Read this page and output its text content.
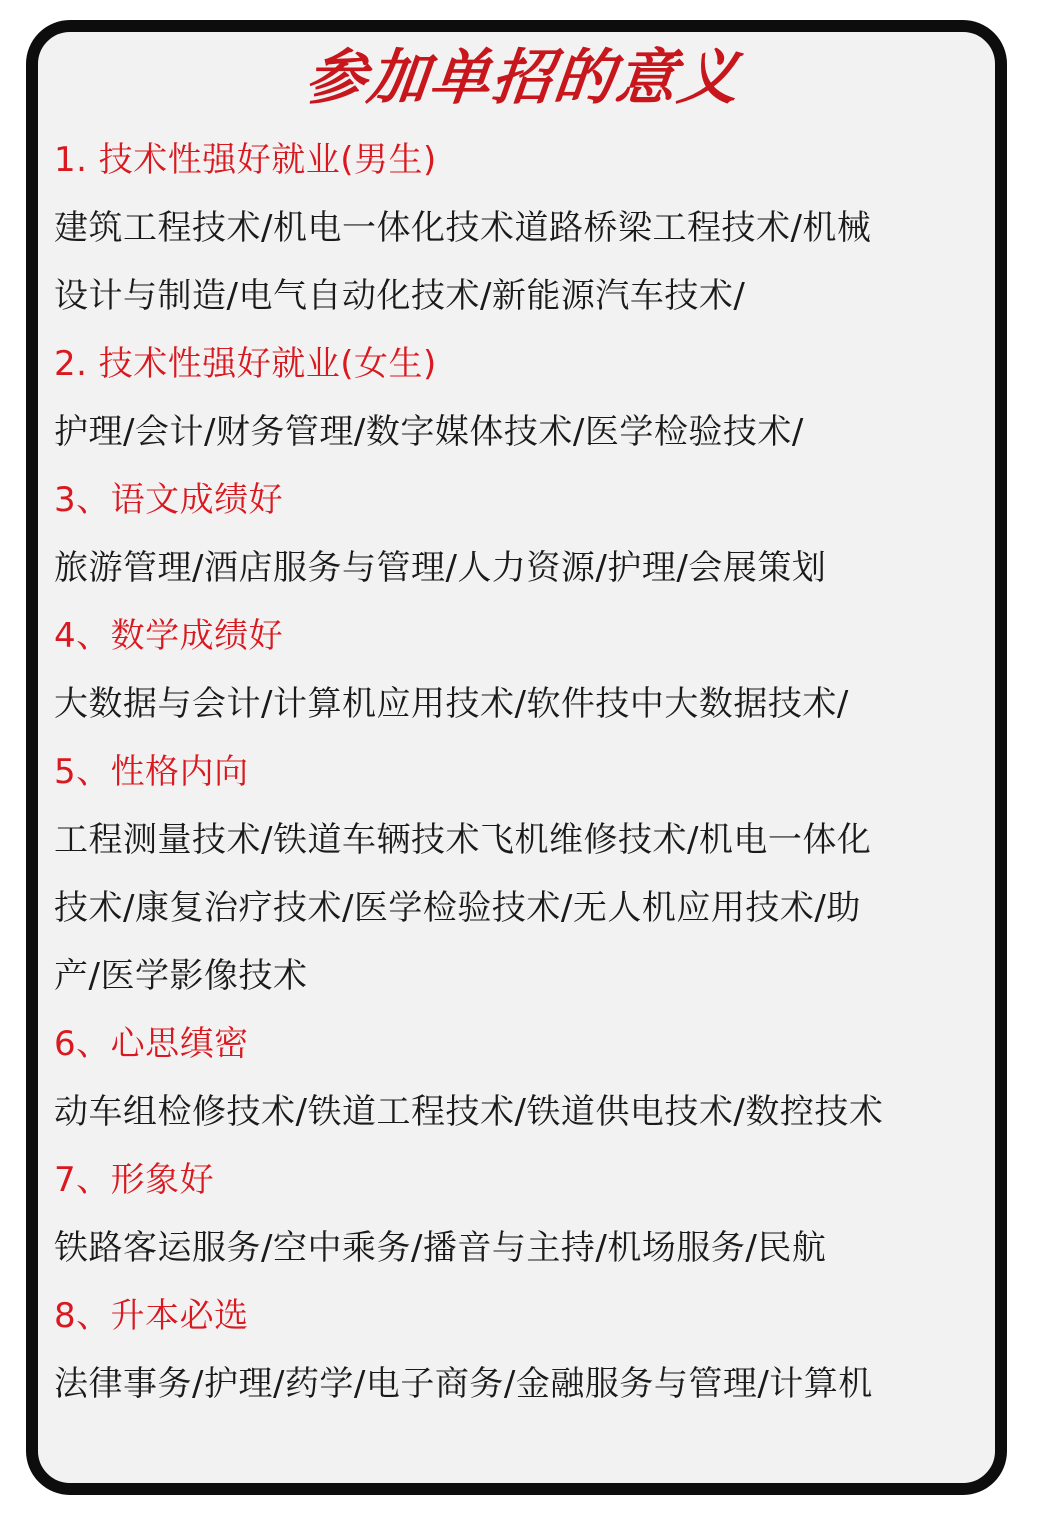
参加单招的意义
1. 技术性强好就业(男生)
建筑工程技术/机电一体化技术道路桥梁工程技术/机械
设计与制造/电气自动化技术/新能源汽车技术/
2. 技术性强好就业(女生)
护理/会计/财务管理/数字媒体技术/医学检验技术/
3、语文成绩好
旅游管理/酒店服务与管理/人力资源/护理/会展策划
4、数学成绩好
大数据与会计/计算机应用技术/软件技中大数据技术/
5、性格内向
工程测量技术/铁道车辆技术飞机维修技术/机电一体化
技术/康复治疗技术/医学检验技术/无人机应用技术/助
产/医学影像技术
6、心思缜密
动车组检修技术/铁道工程技术/铁道供电技术/数控技术
7、形象好
铁路客运服务/空中乘务/播音与主持/机场服务/民航
8、升本必选
法律事务/护理/药学/电子商务/金融服务与管理/计算机
